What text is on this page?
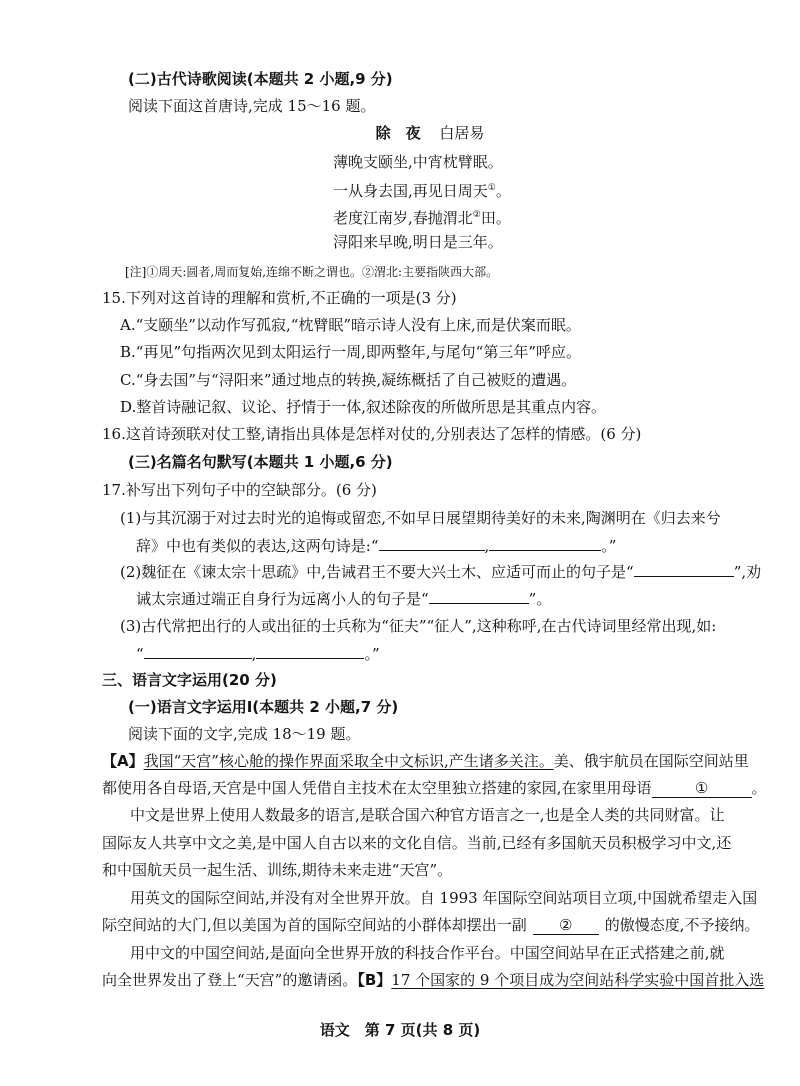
(二)古代诗歌阅读(本题共 2 小题,9 分)
阅读下面这首唐诗,完成 15～16 题。
除　夜 白居易
薄晚支颐坐,中宵枕臂眠。
一从身去国,再见日周天①。
老度江南岁,春抛渭北②田。
浔阳来早晚,明日是三年。
[注]①周天:圆者,周而复始,连绵不断之谓也。②渭北:主要指陕西大部。
15.下列对这首诗的理解和赏析,不正确的一项是(3 分)
A.“支颐坐”以动作写孤寂,“枕臂眠”暗示诗人没有上床,而是伏案而眠。
B.“再见”句指两次见到太阳运行一周,即两整年,与尾句“第三年”呼应。
C.“身去国”与“浔阳来”通过地点的转换,凝练概括了自己被贬的遭遇。
D.整首诗融记叙、议论、抒情于一体,叙述除夜的所做所思是其重点内容。
16.这首诗颈联对仗工整,请指出具体是怎样对仗的,分别表达了怎样的情感。(6 分)
(三)名篇名句默写(本题共 1 小题,6 分)
17.补写出下列句子中的空缺部分。(6 分)
(1)与其沉溺于对过去时光的追悔或留恋,不如早日展望期待美好的未来,陶渊明在《归去来兮
辞》中也有类似的表达,这两句诗是:“	,	。”
(2)魏征在《谏太宗十思疏》中,告诫君王不要大兴土木、应适可而止的句子是“	”,劝
诫太宗通过端正自身行为远离小人的句子是“	”。
(3)古代常把出行的人或出征的士兵称为“征夫”“征人”,这种称呼,在古代诗词里经常出现,如:
“	,	。”
三、语言文字运用(20 分)
(一)语言文字运用Ⅰ(本题共 2 小题,7 分)
阅读下面的文字,完成 18～19 题。
【A】我国“天宫”核心舱的操作界面采取全中文标识,产生诸多关注。美、俄宇航员在国际空间站里
都使用各自母语,天宫是中国人凭借自主技术在太空里独立搭建的家园,在家里用母语	①	。
中文是世界上使用人数最多的语言,是联合国六种官方语言之一,也是全人类的共同财富。让
国际友人共享中文之美,是中国人自古以来的文化自信。当前,已经有多国航天员积极学习中文,还
和中国航天员一起生活、训练,期待未来走进“天宫”。
用英文的国际空间站,并没有对全世界开放。自 1993 年国际空间站项目立项,中国就希望走入国
际空间站的大门,但以美国为首的国际空间站的小群体却摆出一副 ② 的傲慢态度,不予接纳。
用中文的中国空间站,是面向全世界开放的科技合作平台。中国空间站早在正式搭建之前,就
向全世界发出了登上“天宫”的邀请函。【B】17 个国家的 9 个项目成为空间站科学实验中国首批入选
语文　第 7 页(共 8 页)
